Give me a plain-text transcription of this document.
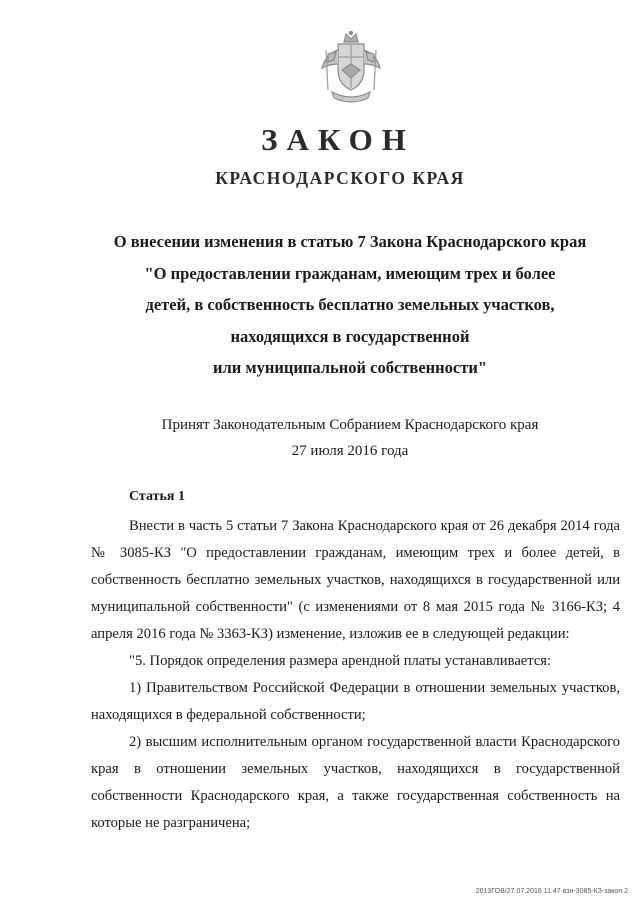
ЗАКОН
КРАСНОДАРСКОГО КРАЯ
О внесении изменения в статью 7 Закона Краснодарского края
"О предоставлении гражданам, имеющим трех и более
детей, в собственность бесплатно земельных участков,
находящихся в государственной
или муниципальной собственности"
Принят Законодательным Собранием Краснодарского края
27 июля 2016 года
Статья 1

Внести в часть 5 статьи 7 Закона Краснодарского края от 26 декабря 2014 года № 3085-КЗ "О предоставлении гражданам, имеющим трех и более детей, в собственность бесплатно земельных участков, находящихся в государственной или муниципальной собственности" (с изменениями от 8 мая 2015 года № 3166-КЗ; 4 апреля 2016 года № 3363-КЗ) изменение, изложив ее в следующей редакции:

"5. Порядок определения размера арендной платы устанавливается:

1) Правительством Российской Федерации в отношении земельных участков, находящихся в федеральной собственности;

2) высшим исполнительным органом государственной власти Краснодарского края в отношении земельных участков, находящихся в государственной собственности Краснодарского края, а также государственная собственность на которые не разграничена;

2013ГОВ/27.07.2016 11:47 взн-3085-КЗ-закон 2
